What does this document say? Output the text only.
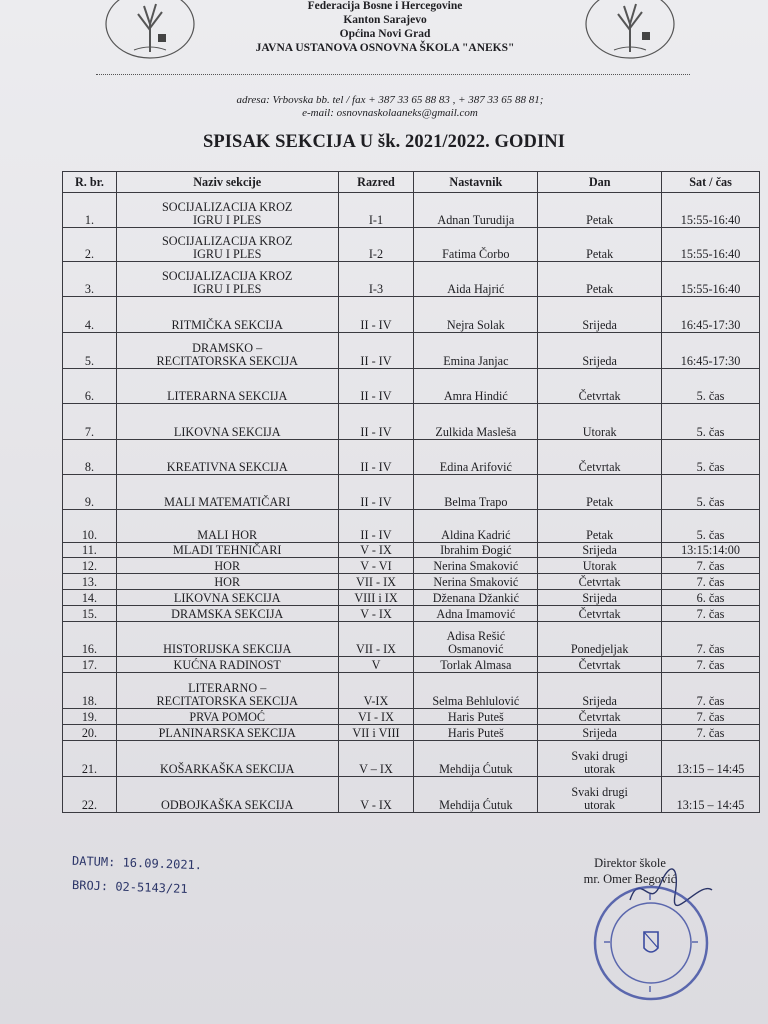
Federacija Bosne i Hercegovine
Kanton Sarajevo
Općina Novi Grad
JAVNA USTANOVA OSNOVNA ŠKOLA "ANEKS"
adresa: Vrbovska bb. tel / fax + 387 33 65 88 83 , + 387 33 65 88 81;
e-mail: osnovnaskolaaneks@gmail.com
SPISAK SEKCIJA U šk. 2021/2022. GODINI
R. br.	Naziv sekcije	Razred	Nastavnik	Dan	Sat / čas
1.	SOCIJALIZACIJA KROZ
IGRU I PLES	I-1	Adnan Turudija	Petak	15:55-16:40
2.	SOCIJALIZACIJA KROZ
IGRU I PLES	I-2	Fatima Čorbo	Petak	15:55-16:40
3.	SOCIJALIZACIJA KROZ
IGRU I PLES	I-3	Aida Hajrić	Petak	15:55-16:40
4.	RITMIČKA SEKCIJA	II - IV	Nejra Solak	Srijeda	16:45-17:30
5.	DRAMSKO –
RECITATORSKA SEKCIJA	II - IV	Emina Janjac	Srijeda	16:45-17:30
6.	LITERARNA SEKCIJA	II - IV	Amra Hindić	Četvrtak	5. čas
7.	LIKOVNA SEKCIJA	II - IV	Zulkida Masleša	Utorak	5. čas
8.	KREATIVNA SEKCIJA	II - IV	Edina Arifović	Četvrtak	5. čas
9.	MALI MATEMATIČARI	II - IV	Belma Trapo	Petak	5. čas
10.	MALI HOR	II - IV	Aldina Kadrić	Petak	5. čas
11.	MLADI TEHNIČARI	V - IX	Ibrahim Đogić	Srijeda	13:15:14:00
12.	HOR	V - VI	Nerina Smaković	Utorak	7. čas
13.	HOR	VII - IX	Nerina Smaković	Četvrtak	7. čas
14.	LIKOVNA SEKCIJA	VIII i IX	Dženana Džankić	Srijeda	6. čas
15.	DRAMSKA SEKCIJA	V - IX	Adna Imamović	Četvrtak	7. čas
16.	HISTORIJSKA SEKCIJA	VII - IX	Adisa Rešić
Osmanović	Ponedjeljak	7. čas
17.	KUĆNA RADINOST	V	Torlak Almasa	Četvrtak	7. čas
18.	LITERARNO –
RECITATORSKA SEKCIJA	V-IX	Selma Behlulović	Srijeda	7. čas
19.	PRVA POMOĆ	VI - IX	Haris Puteš	Četvrtak	7. čas
20.	PLANINARSKA SEKCIJA	VII i VIII	Haris Puteš	Srijeda	7. čas
21.	KOŠARKAŠKA SEKCIJA	V – IX	Mehdija Ćutuk	Svaki drugi
utorak	13:15 – 14:45
22.	ODBOJKAŠKA SEKCIJA	V - IX	Mehdija Ćutuk	Svaki drugi
utorak	13:15 – 14:45
DATUM: 16.09.2021.
BROJ: 02-5143/21
Direktor škole
mr. Omer Begović
